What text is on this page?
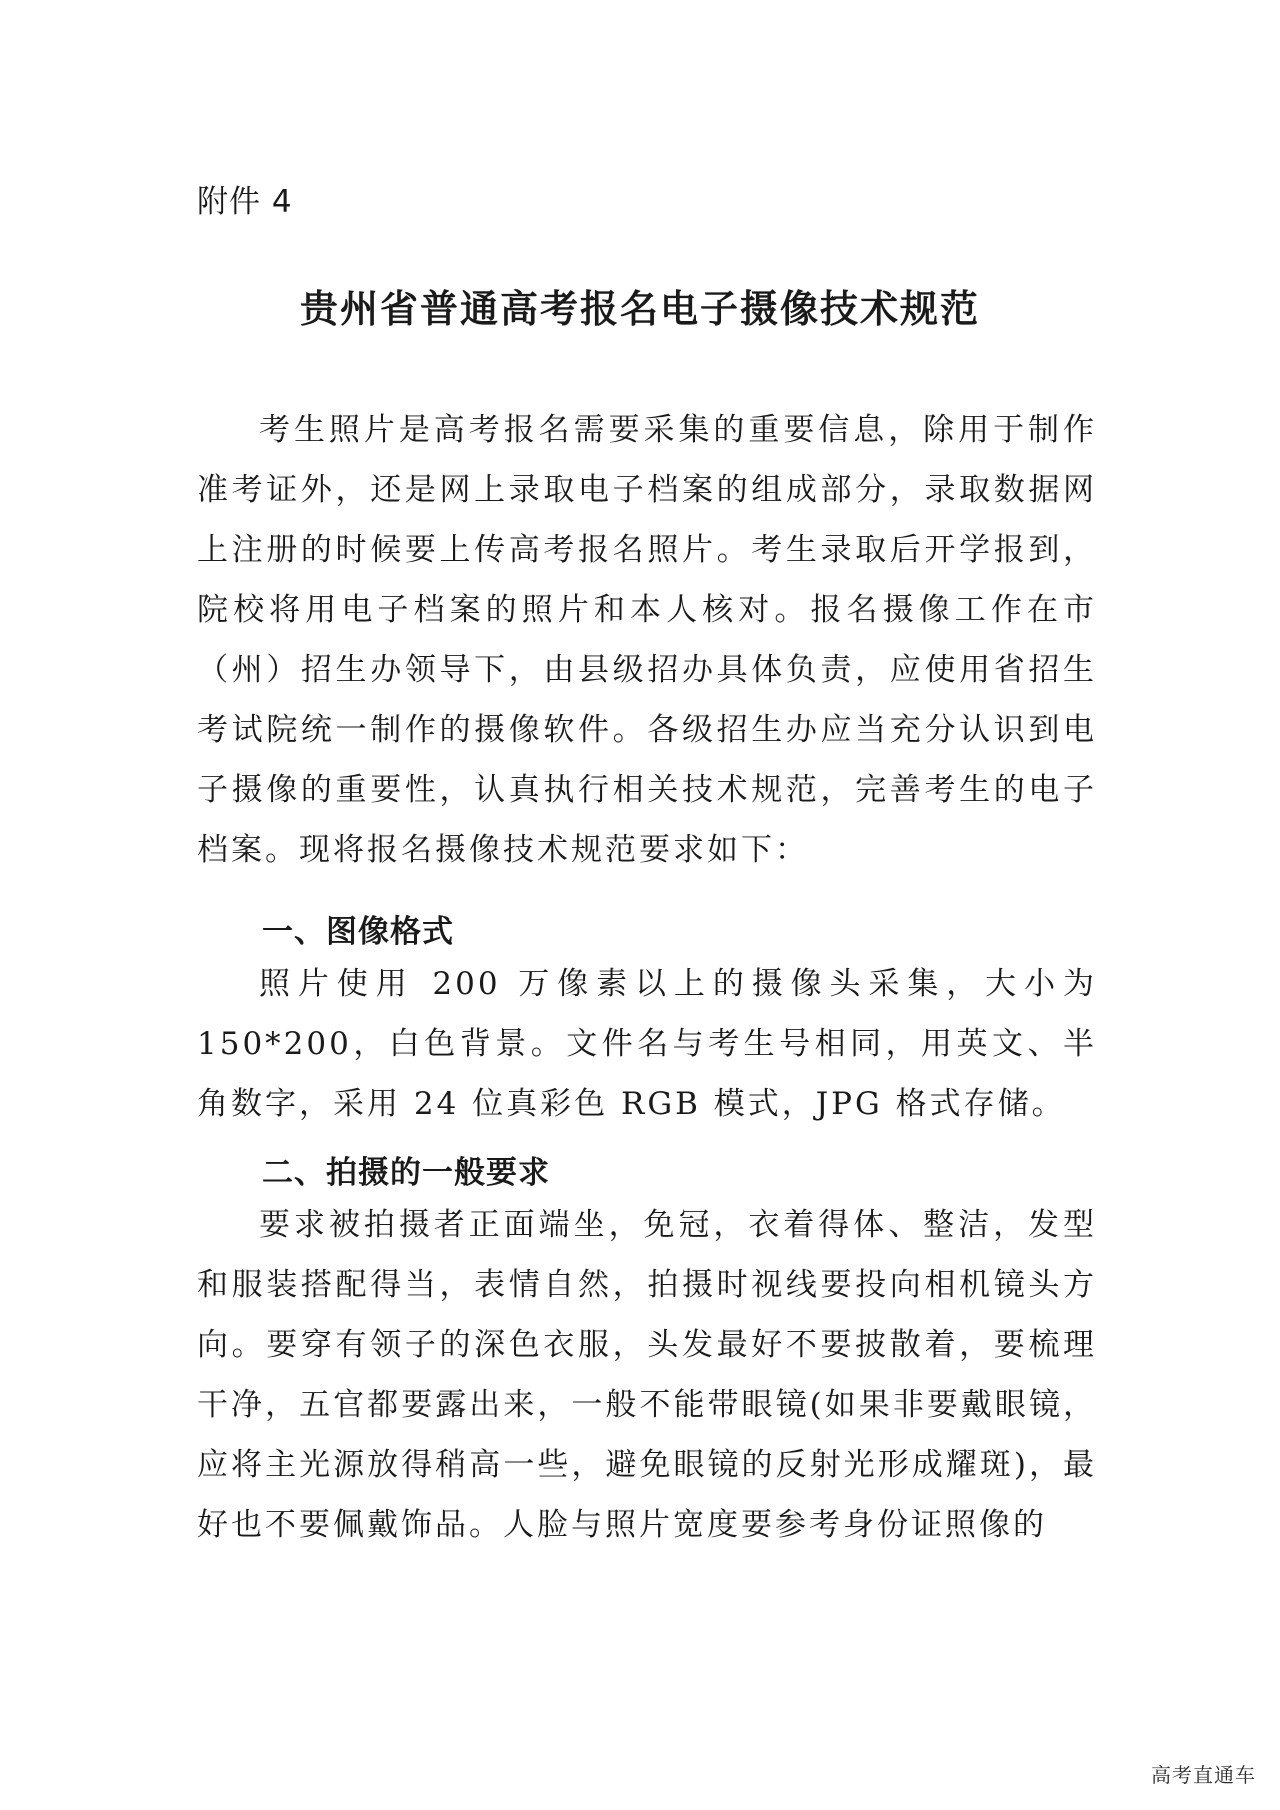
附件 4
贵州省普通高考报名电子摄像技术规范

考生照片是高考报名需要采集的重要信息，除用于制作准考证外，还是网上录取电子档案的组成部分，录取数据网上注册的时候要上传高考报名照片。考生录取后开学报到，院校将用电子档案的照片和本人核对。报名摄像工作在市（州）招生办领导下，由县级招办具体负责，应使用省招生考试院统一制作的摄像软件。各级招生办应当充分认识到电子摄像的重要性，认真执行相关技术规范，完善考生的电子档案。现将报名摄像技术规范要求如下：

一、图像格式

照片使用 200 万像素以上的摄像头采集，大小为 150*200，白色背景。文件名与考生号相同，用英文、半角数字，采用 24 位真彩色 RGB 模式，JPG 格式存储。

二、拍摄的一般要求

要求被拍摄者正面端坐，免冠，衣着得体、整洁，发型和服装搭配得当，表情自然，拍摄时视线要投向相机镜头方向。要穿有领子的深色衣服，头发最好不要披散着，要梳理干净，五官都要露出来，一般不能带眼镜(如果非要戴眼镜，应将主光源放得稍高一些，避免眼镜的反射光形成耀斑)，最好也不要佩戴饰品。人脸与照片宽度要参考身份证照像的

高考直通车
